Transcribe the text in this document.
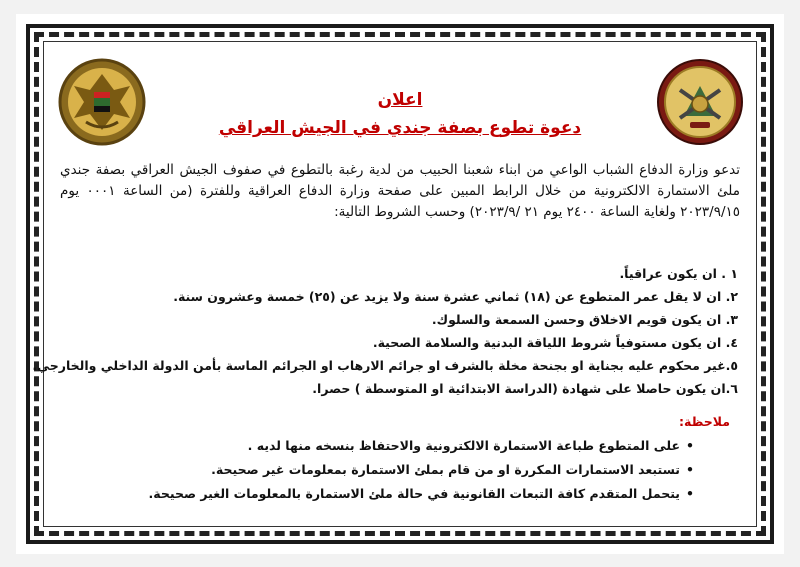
اعلان
دعوة تطوع بصفة جندي في الجيش العراقي
تدعو وزارة الدفاع الشباب الواعي من ابناء شعبنا الحبيب من لدية رغبة بالتطوع في صفوف الجيش العراقي بصفة جندي ملئ الاستمارة الالكترونية من خلال الرابط المبين على صفحة وزارة الدفاع العراقية وللفترة (من الساعة ٠٠٠١ يوم ٢٠٢٣/٩/١٥ ولغاية الساعة ٢٤٠٠ يوم ٢١ /٢٠٢٣/٩) وحسب الشروط التالية:
١ . ان يكون عراقياً.
٢. ان لا يقل عمر المتطوع عن (١٨) ثماني عشرة سنة ولا يزيد عن (٢٥) خمسة وعشرون سنة.
٣. ان يكون قويم الاخلاق وحسن السمعة والسلوك.
٤. ان يكون مستوفياً شروط اللياقة البدنية والسلامة الصحية.
٥.غير محكوم عليه بجناية او بجنحة مخلة بالشرف او جرائم الارهاب او الجرائم الماسة بأمن الدولة الداخلي والخارجي.
٦.ان يكون حاصلا على شهادة (الدراسة الابتدائية او المتوسطة ) حصرا.
ملاحظة:
•على المتطوع طباعة الاستمارة الالكترونية والاحتفاظ بنسخه منها لديه .
•تستبعد الاستمارات المكررة او من قام بملئ الاستمارة بمعلومات غير صحيحة.
•يتحمل المتقدم كافة التبعات القانونية في حالة ملئ الاستمارة بالمعلومات الغير صحيحة.
